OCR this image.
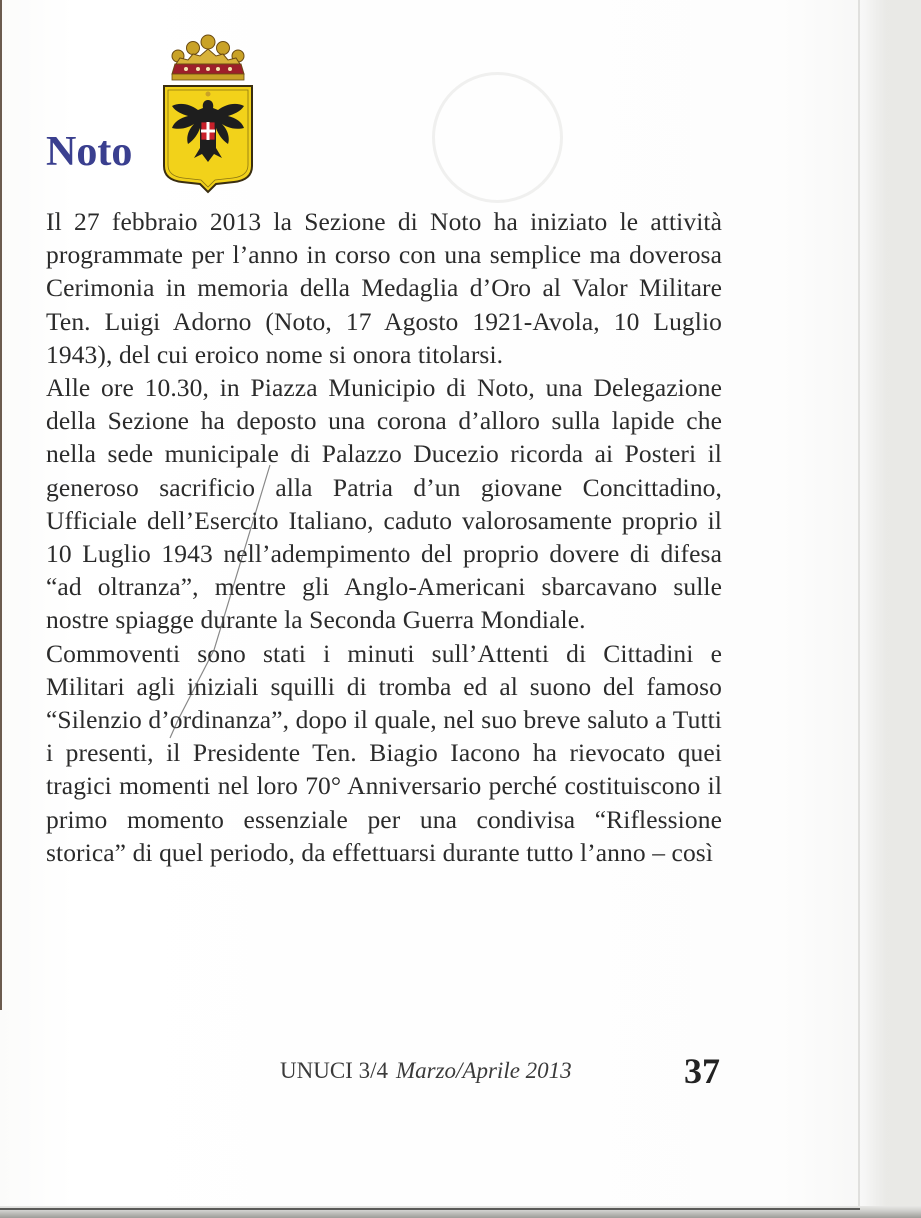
Noto

Il 27 febbraio 2013 la Sezione di Noto ha iniziato le attività programmate per l’anno in corso con una semplice ma doverosa Cerimonia in memoria della Medaglia d’Oro al Valor Militare Ten. Luigi Adorno (Noto, 17 Agosto 1921-Avola, 10 Luglio 1943), del cui eroico nome si onora titolarsi.

Alle ore 10.30, in Piazza Municipio di Noto, una Delegazione della Sezione ha deposto una corona d’alloro sulla lapide che nella sede municipale di Palazzo Ducezio ricorda ai Posteri il generoso sacrificio alla Patria d’un giovane Concittadino, Ufficiale dell’Esercito Italiano, caduto valorosamente proprio il 10 Luglio 1943 nell’adempimento del proprio dovere di difesa “ad oltranza”, mentre gli Anglo-Americani sbarcavano sulle nostre spiagge durante la Seconda Guerra Mondiale.

Commoventi sono stati i minuti sull’Attenti di Cittadini e Militari agli iniziali squilli di tromba ed al suono del famoso “Silenzio d’ordinanza”, dopo il quale, nel suo breve saluto a Tutti i presenti, il Presidente Ten. Biagio Iacono ha rievocato quei tragici momenti nel loro 70° Anniversario perché costituiscono il primo momento essenziale per una condivisa “Riflessione storica” di quel periodo, da effettuarsi durante tutto l’anno – così

UNUCI 3/4 Marzo/Aprile 2013	37
